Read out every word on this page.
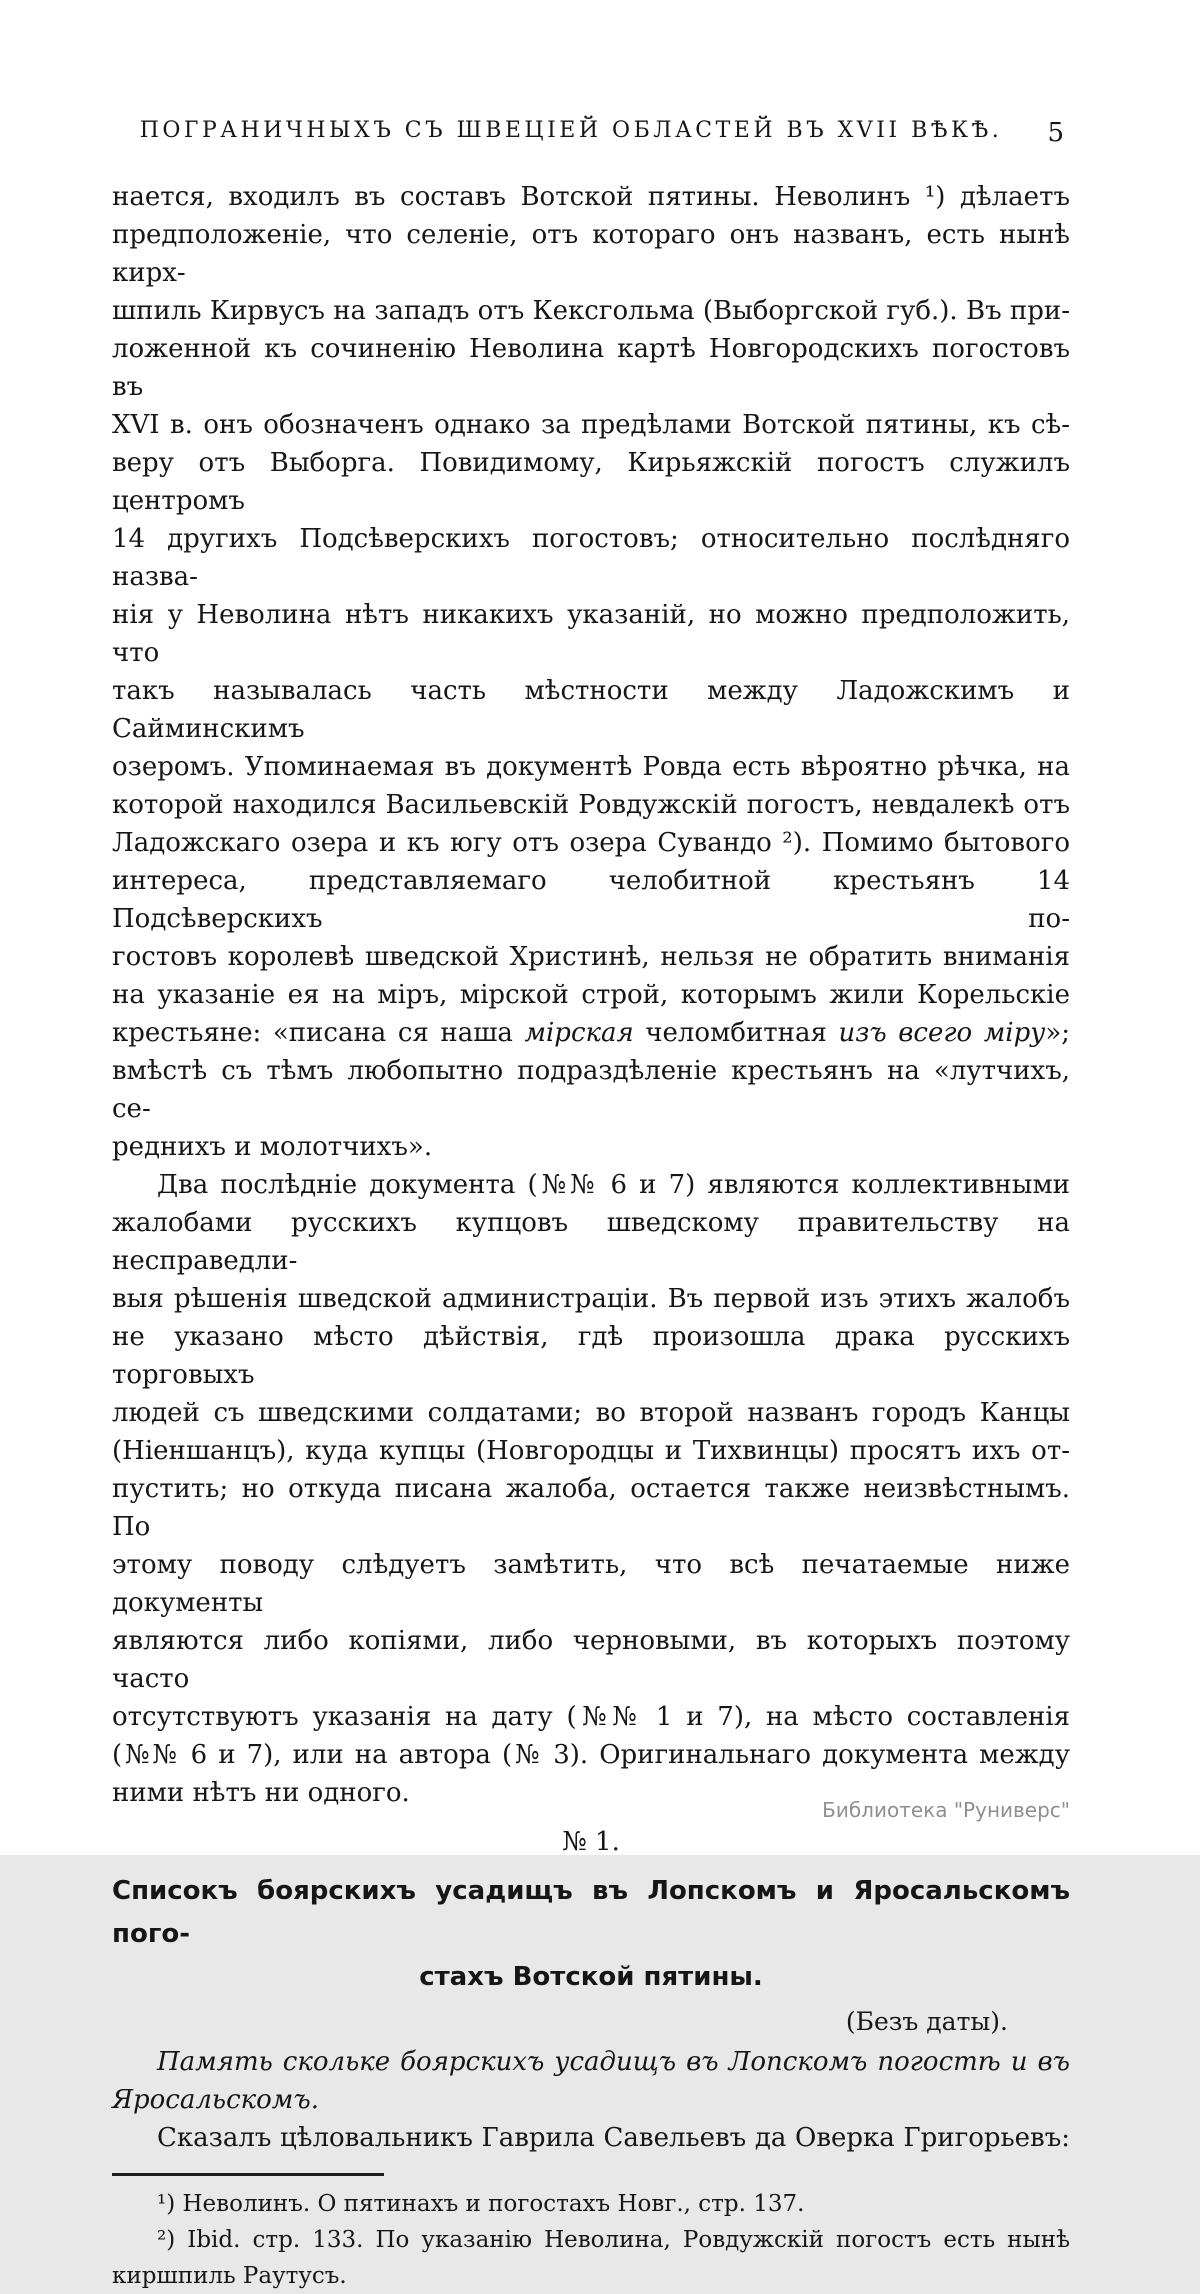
ПОГРАНИЧНЫХЪ СЪ ШВЕЦІЕЙ ОБЛАСТЕЙ ВЪ XVII ВѢКѢ.	5
нается, входилъ въ составъ Вотской пятины. Неволинъ ¹) дѣлаетъ
предположеніе, что селеніе, отъ котораго онъ названъ, есть нынѣ кирх-
шпиль Кирвусъ на западъ отъ Кексгольма (Выборгской губ.). Въ при-
ложенной къ сочиненію Неволина картѣ Новгородскихъ погостовъ въ
XVI в. онъ обозначенъ однако за предѣлами Вотской пятины, къ сѣ-
веру отъ Выборга. Повидимому, Кирьяжскій погостъ служилъ центромъ
14 другихъ Подсѣверскихъ погостовъ; относительно послѣдняго назва-
нія у Неволина нѣтъ никакихъ указаній, но можно предположить, что
такъ называлась часть мѣстности между Ладожскимъ и Сайминскимъ
озеромъ. Упоминаемая въ документѣ Ровда есть вѣроятно рѣчка, на
которой находился Васильевскій Ровдужскій погостъ, невдалекѣ отъ
Ладожскаго озера и къ югу отъ озера Сувандо ²). Помимо бытового
интереса, представляемаго челобитной крестьянъ 14 Подсѣверскихъ по-
гостовъ королевѣ шведской Христинѣ, нельзя не обратить вниманія
на указаніе ея на міръ, мірской строй, которымъ жили Корельскіе
крестьяне: «писана ся наша мірская челомбитная изъ всего міру»;
вмѣстѣ съ тѣмъ любопытно подраздѣленіе крестьянъ на «лутчихъ, се-
реднихъ и молотчихъ».
Два послѣдніе документа (№№ 6 и 7) являются коллективными
жалобами русскихъ купцовъ шведскому правительству на несправедли-
выя рѣшенія шведской администраціи. Въ первой изъ этихъ жалобъ
не указано мѣсто дѣйствія, гдѣ произошла драка русскихъ торговыхъ
людей съ шведскими солдатами; во второй названъ городъ Канцы
(Ніеншанцъ), куда купцы (Новгородцы и Тихвинцы) просятъ ихъ от-
пустить; но откуда писана жалоба, остается также неизвѣстнымъ. По
этому поводу слѣдуетъ замѣтить, что всѣ печатаемые ниже документы
являются либо копіями, либо черновыми, въ которыхъ поэтому часто
отсутствуютъ указанія на дату (№№ 1 и 7), на мѣсто составленія
(№№ 6 и 7), или на автора (№ 3). Оригинальнаго документа между
ними нѣтъ ни одного.
№ 1.
Списокъ боярскихъ усадищъ въ Лопскомъ и Яросальскомъ пого-
стахъ Вотской пятины.
(Безъ даты).
Память скольке боярскихъ усадищъ въ Лопскомъ погостѣ и въ
Яросальскомъ.
Сказалъ цѣловальникъ Гаврила Савельевъ да Оверка Григорьевъ:
¹) Неволинъ. О пятинахъ и погостахъ Новг., стр. 137.
²) Ibid. стр. 133. По указанію Неволина, Ровдужскій погостъ есть нынѣ
киршпиль Раутусъ.
Библиотека "Руниверс"
